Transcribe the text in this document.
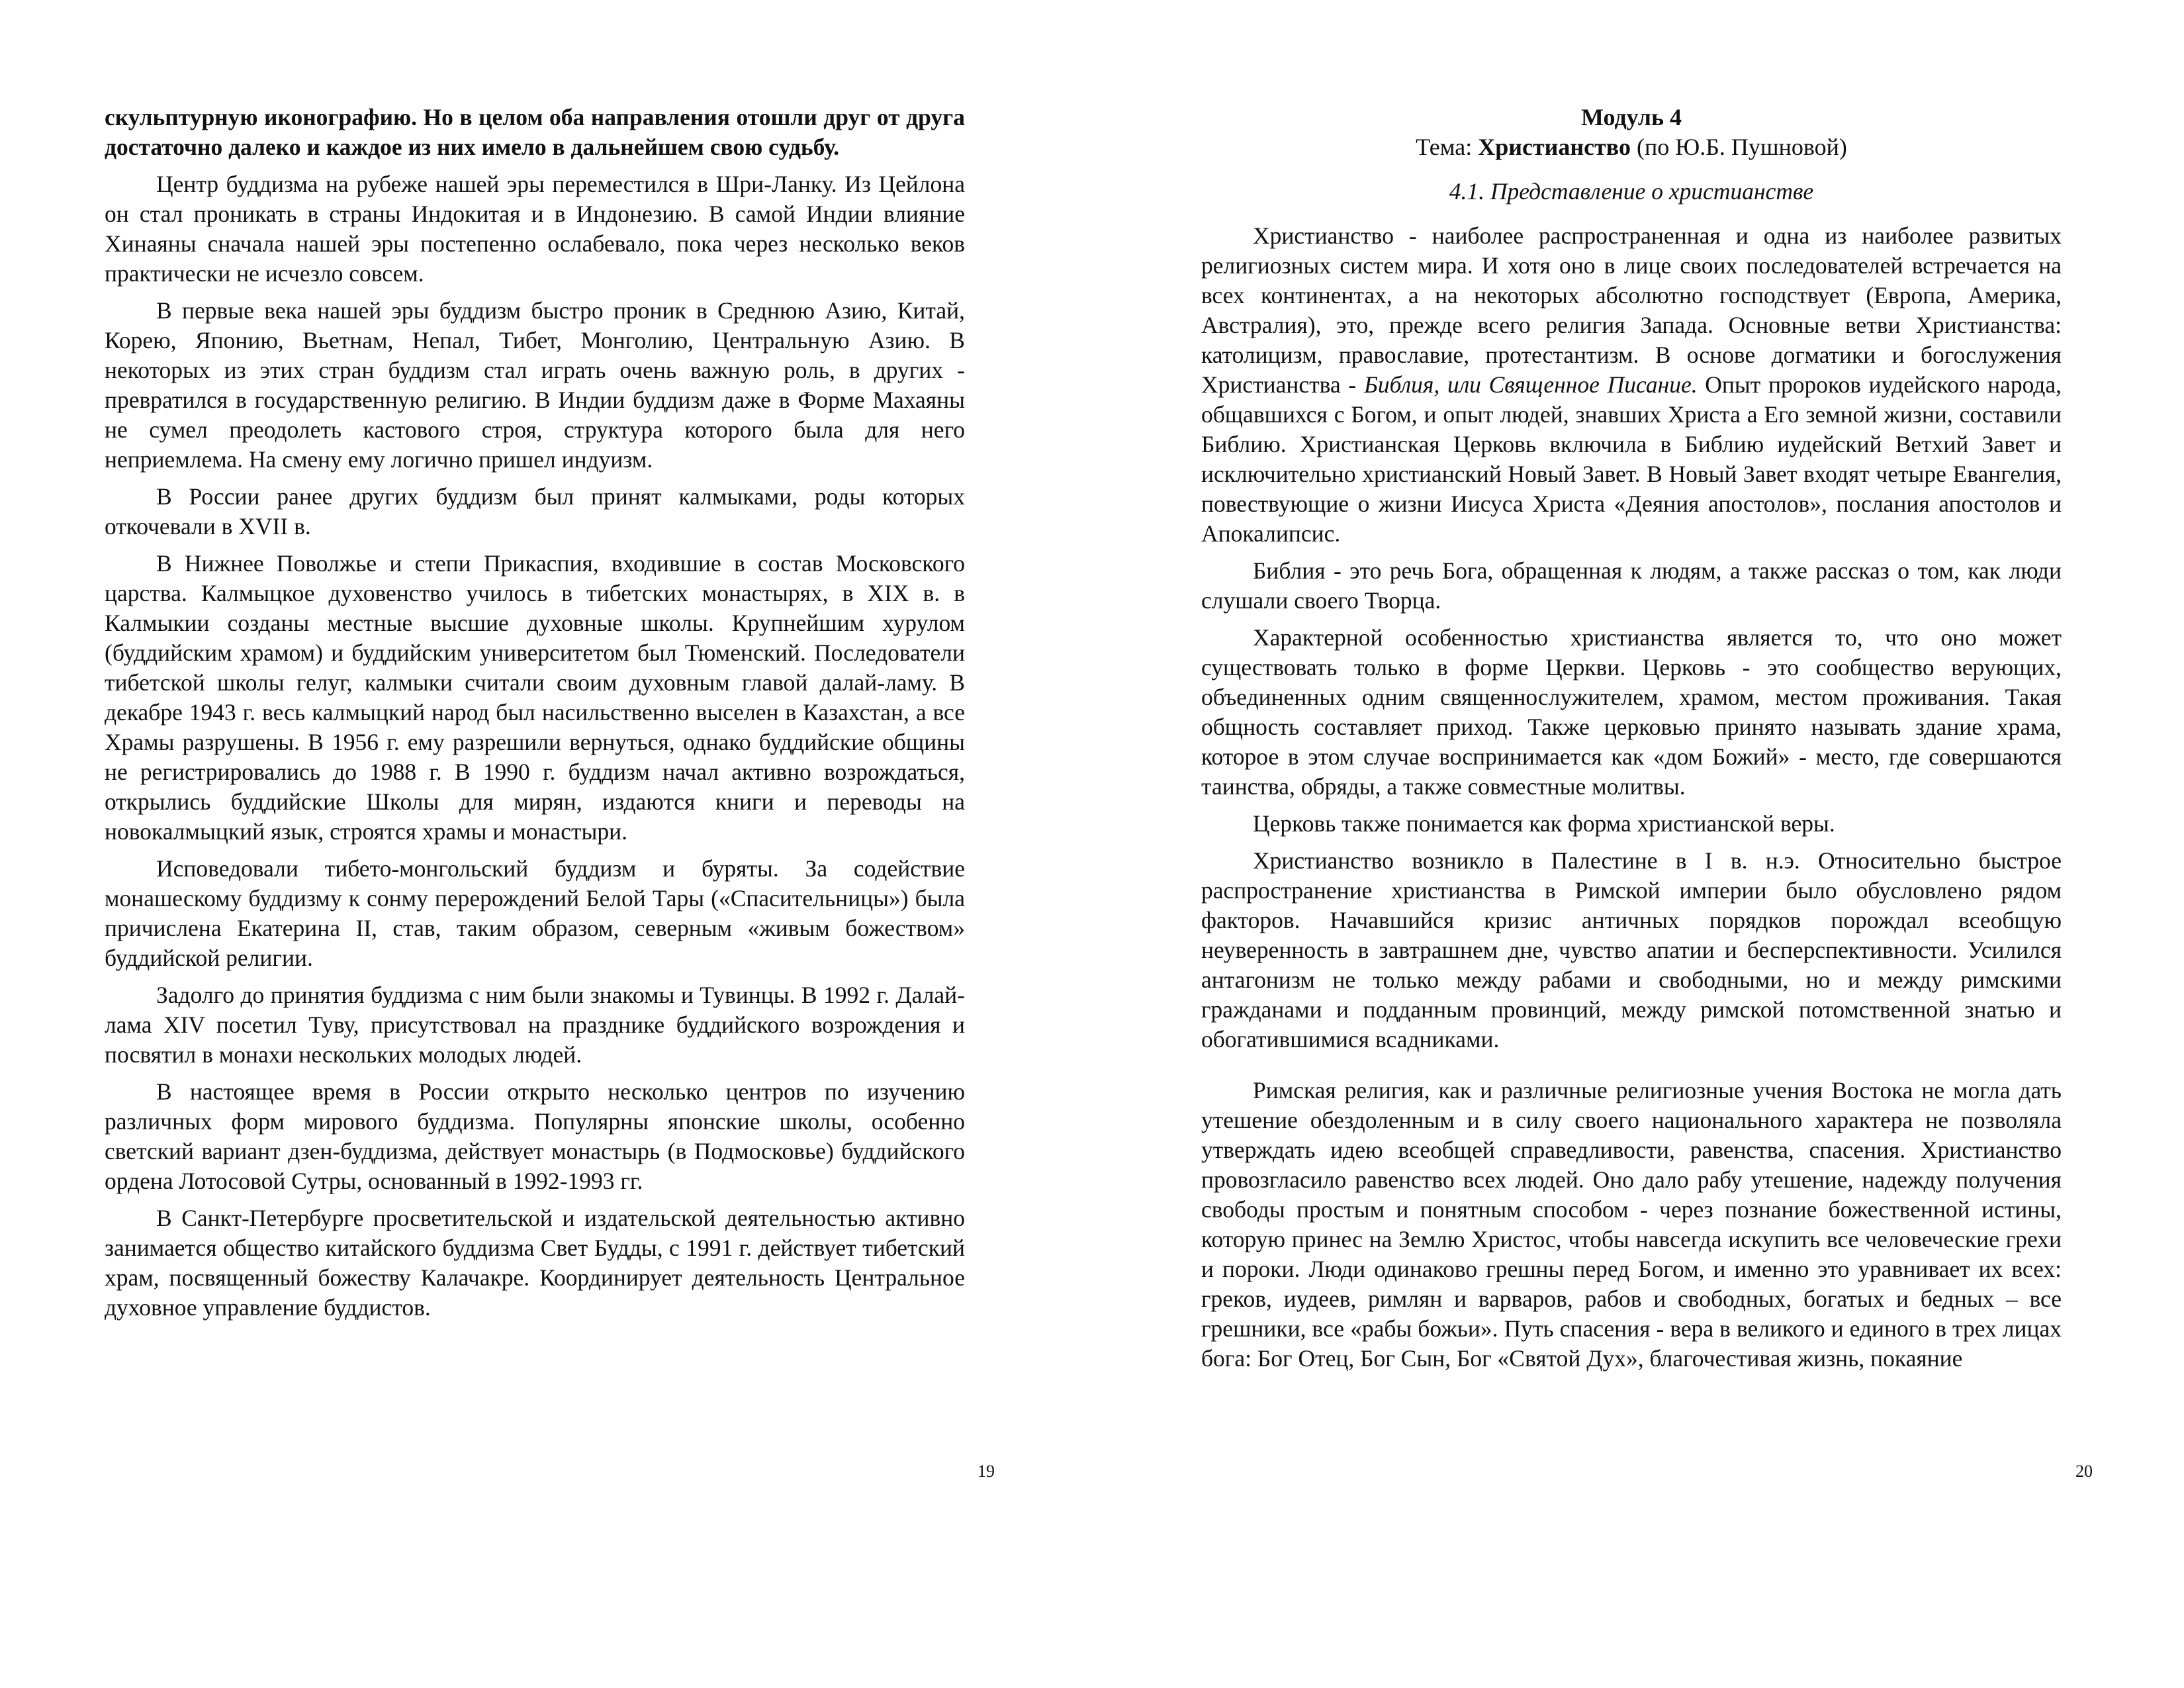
скульптурную иконографию. Но в целом оба направления отошли друг от друга достаточно далеко и каждое из них имело в дальнейшем свою судьбу.

Центр буддизма на рубеже нашей эры переместился в Шри-Ланку. Из Цейлона он стал проникать в страны Индокитая и в Индонезию. В самой Индии влияние Хинаяны сначала нашей эры постепенно ослабевало, пока через несколько веков практически не исчезло совсем.

В первые века нашей эры буддизм быстро проник в Среднюю Азию, Китай, Корею, Японию, Вьетнам, Непал, Тибет, Монголию, Центральную Азию. В некоторых из этих стран буддизм стал играть очень важную роль, в других - превратился в государственную религию. В Индии буддизм даже в Форме Махаяны не сумел преодолеть кастового строя, структура которого была для него неприемлема. На смену ему логично пришел индуизм.

В России ранее других буддизм был принят калмыками, роды которых откочевали в XVII в.

В Нижнее Поволжье и степи Прикаспия, входившие в состав Московского царства. Калмыцкое духовенство училось в тибетских монастырях, в XIX в. в Калмыкии созданы местные высшие духовные школы. Крупнейшим хурулом (буддийским храмом) и буддийским университетом был Тюменский. Последователи тибетской школы гелуг, калмыки считали своим духовным главой далай-ламу. В декабре 1943 г. весь калмыцкий народ был насильственно выселен в Казахстан, а все Храмы разрушены. В 1956 г. ему разрешили вернуться, однако буддийские общины не регистрировались до 1988 г. В 1990 г. буддизм начал активно возрождаться, открылись буддийские Школы для мирян, издаются книги и переводы на новокалмыцкий язык, строятся храмы и монастыри.

Исповедовали тибето-монгольский буддизм и буряты. За содействие монашескому буддизму к сонму перерождений Белой Тары («Спасительницы») была причислена Екатерина II, став, таким образом, северным «живым божеством» буддийской религии.

Задолго до принятия буддизма с ним были знакомы и Тувинцы. В 1992 г. Далай-лама XIV посетил Туву, присутствовал на празднике буддийского возрождения и посвятил в монахи нескольких молодых людей.

В настоящее время в России открыто несколько центров по изучению различных форм мирового буддизма. Популярны японские школы, особенно светский вариант дзен-буддизма, действует монастырь (в Подмосковье) буддийского ордена Лотосовой Сутры, основанный в 1992-1993 гг.

В Санкт-Петербурге просветительской и издательской деятельностью активно занимается общество китайского буддизма Свет Будды, с 1991 г. действует тибетский храм, посвященный божеству Калачакре. Координирует деятельность Центральное духовное управление буддистов.

19
Модуль 4
Тема: Христианство (по Ю.Б. Пушновой)
4.1. Представление о христианстве

Христианство - наиболее распространенная и одна из наиболее развитых религиозных систем мира. И хотя оно в лице своих последователей встречается на всех континентах, а на некоторых абсолютно господствует (Европа, Америка, Австралия), это, прежде всего религия Запада. Основные ветви Христианства: католицизм, православие, протестантизм. В основе догматики и богослужения Христианства - Библия, или Священное Писание. Опыт пророков иудейского народа, общавшихся с Богом, и опыт людей, знавших Христа а Его земной жизни, составили Библию. Христианская Церковь включила в Библию иудейский Ветхий Завет и исключительно христианский Новый Завет. В Новый Завет входят четыре Евангелия, повествующие о жизни Иисуса Христа «Деяния апостолов», послания апостолов и Апокалипсис.

Библия - это речь Бога, обращенная к людям, а также рассказ о том, как люди слушали своего Творца.

Характерной особенностью христианства является то, что оно может существовать только в форме Церкви. Церковь - это сообщество верующих, объединенных одним священнослужителем, храмом, местом проживания. Такая общность составляет приход. Также церковью принято называть здание храма, которое в этом случае воспринимается как «дом Божий» - место, где совершаются таинства, обряды, а также совместные молитвы.

Церковь также понимается как форма христианской веры.

Христианство возникло в Палестине в I в. н.э. Относительно быстрое распространение христианства в Римской империи было обусловлено рядом факторов. Начавшийся кризис античных порядков порождал всеобщую неуверенность в завтрашнем дне, чувство апатии и бесперспективности. Усилился антагонизм не только между рабами и свободными, но и между римскими гражданами и подданным провинций, между римской потомственной знатью и обогатившимися всадниками.

Римская религия, как и различные религиозные учения Востока не могла дать утешение обездоленным и в силу своего национального характера не позволяла утверждать идею всеобщей справедливости, равенства, спасения. Христианство провозгласило равенство всех людей. Оно дало рабу утешение, надежду получения свободы простым и понятным способом - через познание божественной истины, которую принес на Землю Христос, чтобы навсегда искупить все человеческие грехи и пороки. Люди одинаково грешны перед Богом, и именно это уравнивает их всех: греков, иудеев, римлян и варваров, рабов и свободных, богатых и бедных – все грешники, все «рабы божьи». Путь спасения - вера в великого и единого в трех лицах бога: Бог Отец, Бог Сын, Бог «Святой Дух», благочестивая жизнь, покаяние

20
